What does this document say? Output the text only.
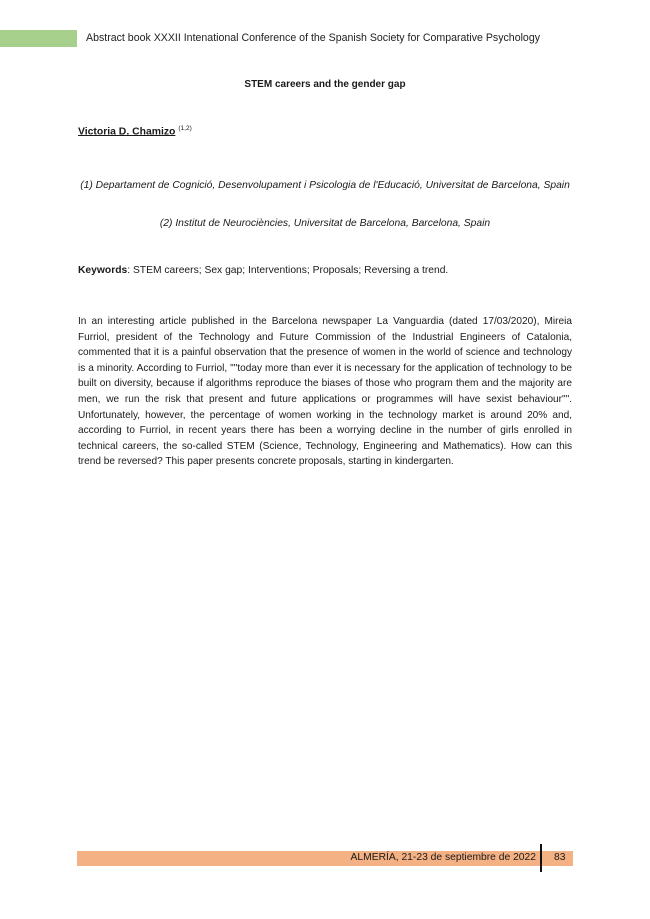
Abstract book XXXII Intenational Conference of the Spanish Society for Comparative Psychology
STEM careers and the gender gap
Victoria D. Chamizo $^{(1,2)}$
(1) Departament de Cognició, Desenvolupament i Psicologia de l'Educació, Universitat de Barcelona, Spain
(2) Institut de Neurociències, Universitat de Barcelona, Barcelona, Spain
Keywords: STEM careers; Sex gap; Interventions; Proposals; Reversing a trend.

In an interesting article published in the Barcelona newspaper La Vanguardia (dated 17/03/2020), Mireia Furriol, president of the Technology and Future Commission of the Industrial Engineers of Catalonia, commented that it is a painful observation that the presence of women in the world of science and technology is a minority. According to Furriol, ""today more than ever it is necessary for the application of technology to be built on diversity, because if algorithms reproduce the biases of those who program them and the majority are men, we run the risk that present and future applications or programmes will have sexist behaviour"". Unfortunately, however, the percentage of women working in the technology market is around 20% and, according to Furriol, in recent years there has been a worrying decline in the number of girls enrolled in technical careers, the so-called STEM (Science, Technology, Engineering and Mathematics). How can this trend be reversed? This paper presents concrete proposals, starting in kindergarten.

ALMERÍA, 21-23 de septiembre de 2022 83
